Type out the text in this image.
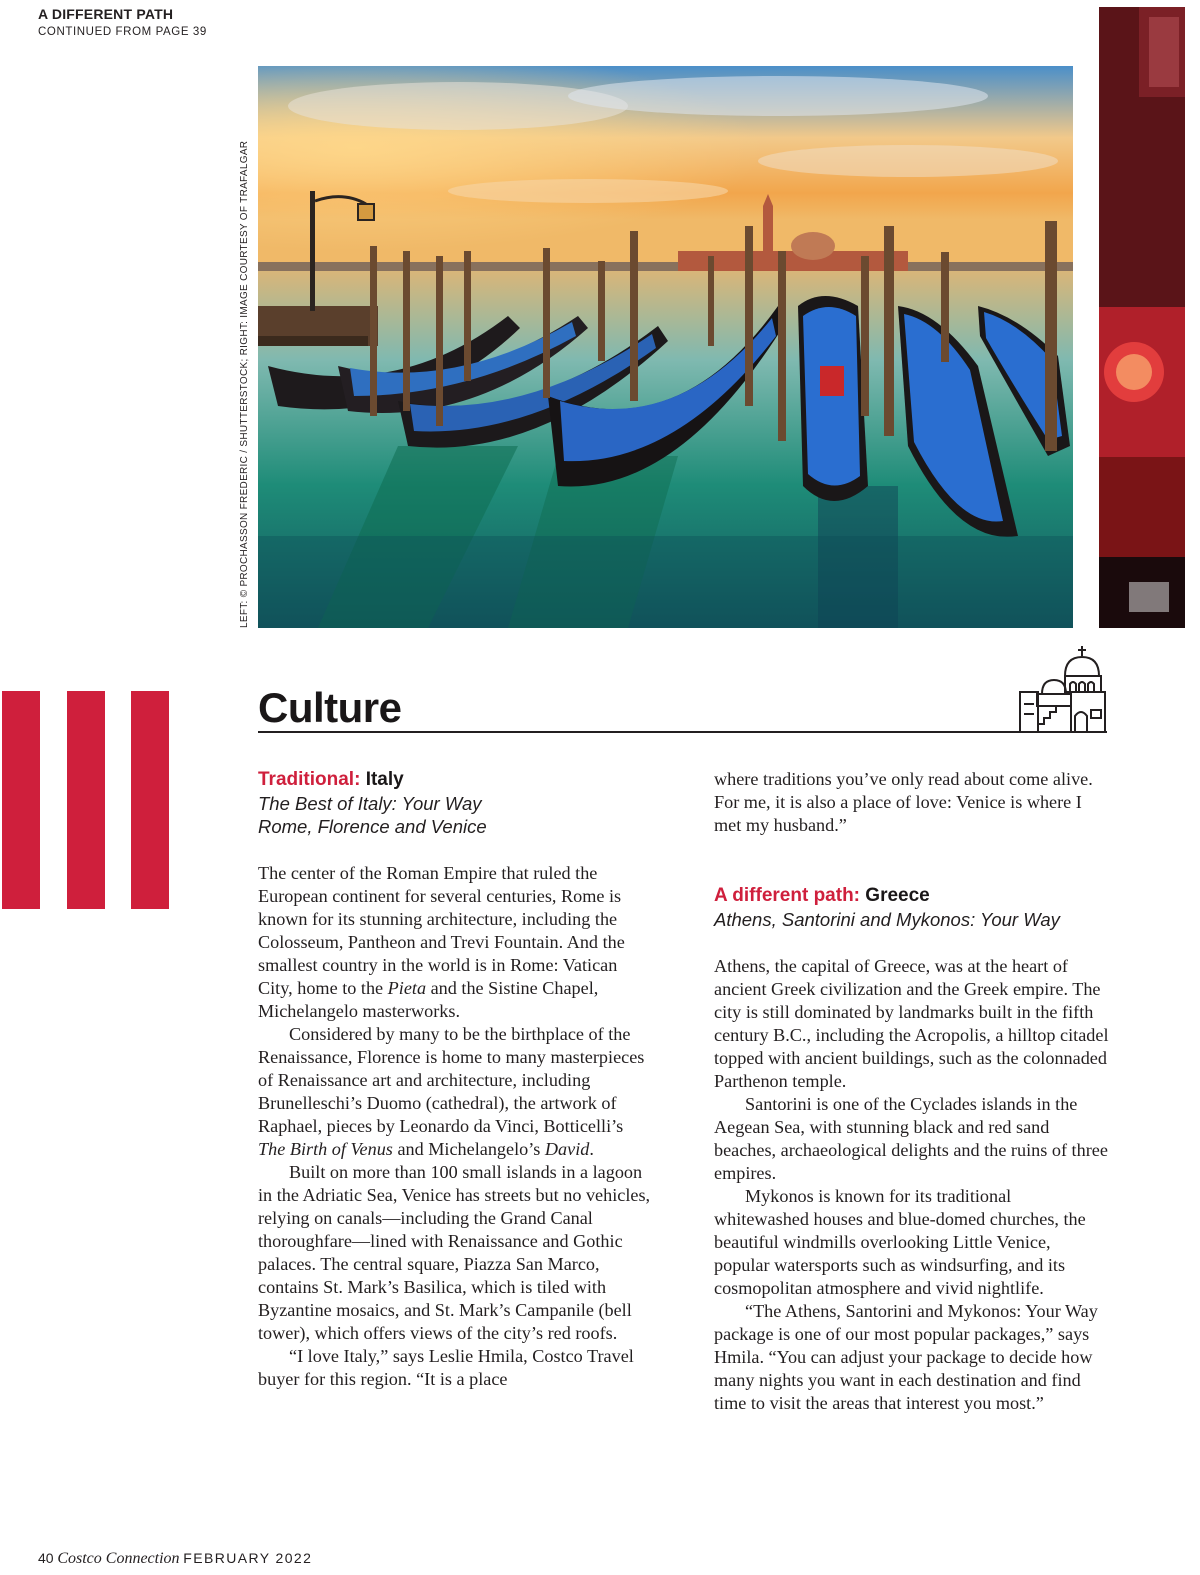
A DIFFERENT PATH
CONTINUED FROM PAGE 39
LEFT: © PROCHASSON FREDERIC / SHUTTERSTOCK; RIGHT: IMAGE COURTESY OF TRAFALGAR
Culture

Traditional: Italy

The Best of Italy: Your Way

Rome, Florence and Venice

The center of the Roman Empire that ruled the European continent for several centuries, Rome is known for its stunning architecture, including the Colosseum, Pantheon and Trevi Fountain. And the smallest country in the world is in Rome: Vatican City, home to the Pieta and the Sistine Chapel, Michelangelo masterworks.

Considered by many to be the birthplace of the Renaissance, Florence is home to many masterpieces of Renaissance art and architecture, including Brunelleschi’s Duomo (cathedral), the artwork of Raphael, pieces by Leonardo da Vinci, Botticelli’s The Birth of Venus and Michelangelo’s David.

Built on more than 100 small islands in a lagoon in the Adriatic Sea, Venice has streets but no vehicles, relying on canals—including the Grand Canal thoroughfare—lined with Renaissance and Gothic palaces. The central square, Piazza San Marco, contains St. Mark’s Basilica, which is tiled with Byzantine mosaics, and St. Mark’s Campanile (bell tower), which offers views of the city’s red roofs.

“I love Italy,” says Leslie Hmila, Costco Travel buyer for this region. “It is a place

where traditions you’ve only read about come alive. For me, it is also a place of love: Venice is where I met my husband.”

A different path: Greece

Athens, Santorini and Mykonos: Your Way

Athens, the capital of Greece, was at the heart of ancient Greek civilization and the Greek empire. The city is still dominated by landmarks built in the fifth century B.C., including the Acropolis, a hilltop citadel topped with ancient buildings, such as the colonnaded Parthenon temple.

Santorini is one of the Cyclades islands in the Aegean Sea, with stunning black and red sand beaches, archaeological delights and the ruins of three empires.

Mykonos is known for its traditional whitewashed houses and blue-domed churches, the beautiful windmills overlooking Little Venice, popular watersports such as windsurfing, and its cosmopolitan atmosphere and vivid nightlife.

“The Athens, Santorini and Mykonos: Your Way package is one of our most popular packages,” says Hmila. “You can adjust your package to decide how many nights you want in each destination and find time to visit the areas that interest you most.”

40 Costco Connection FEBRUARY 2022
